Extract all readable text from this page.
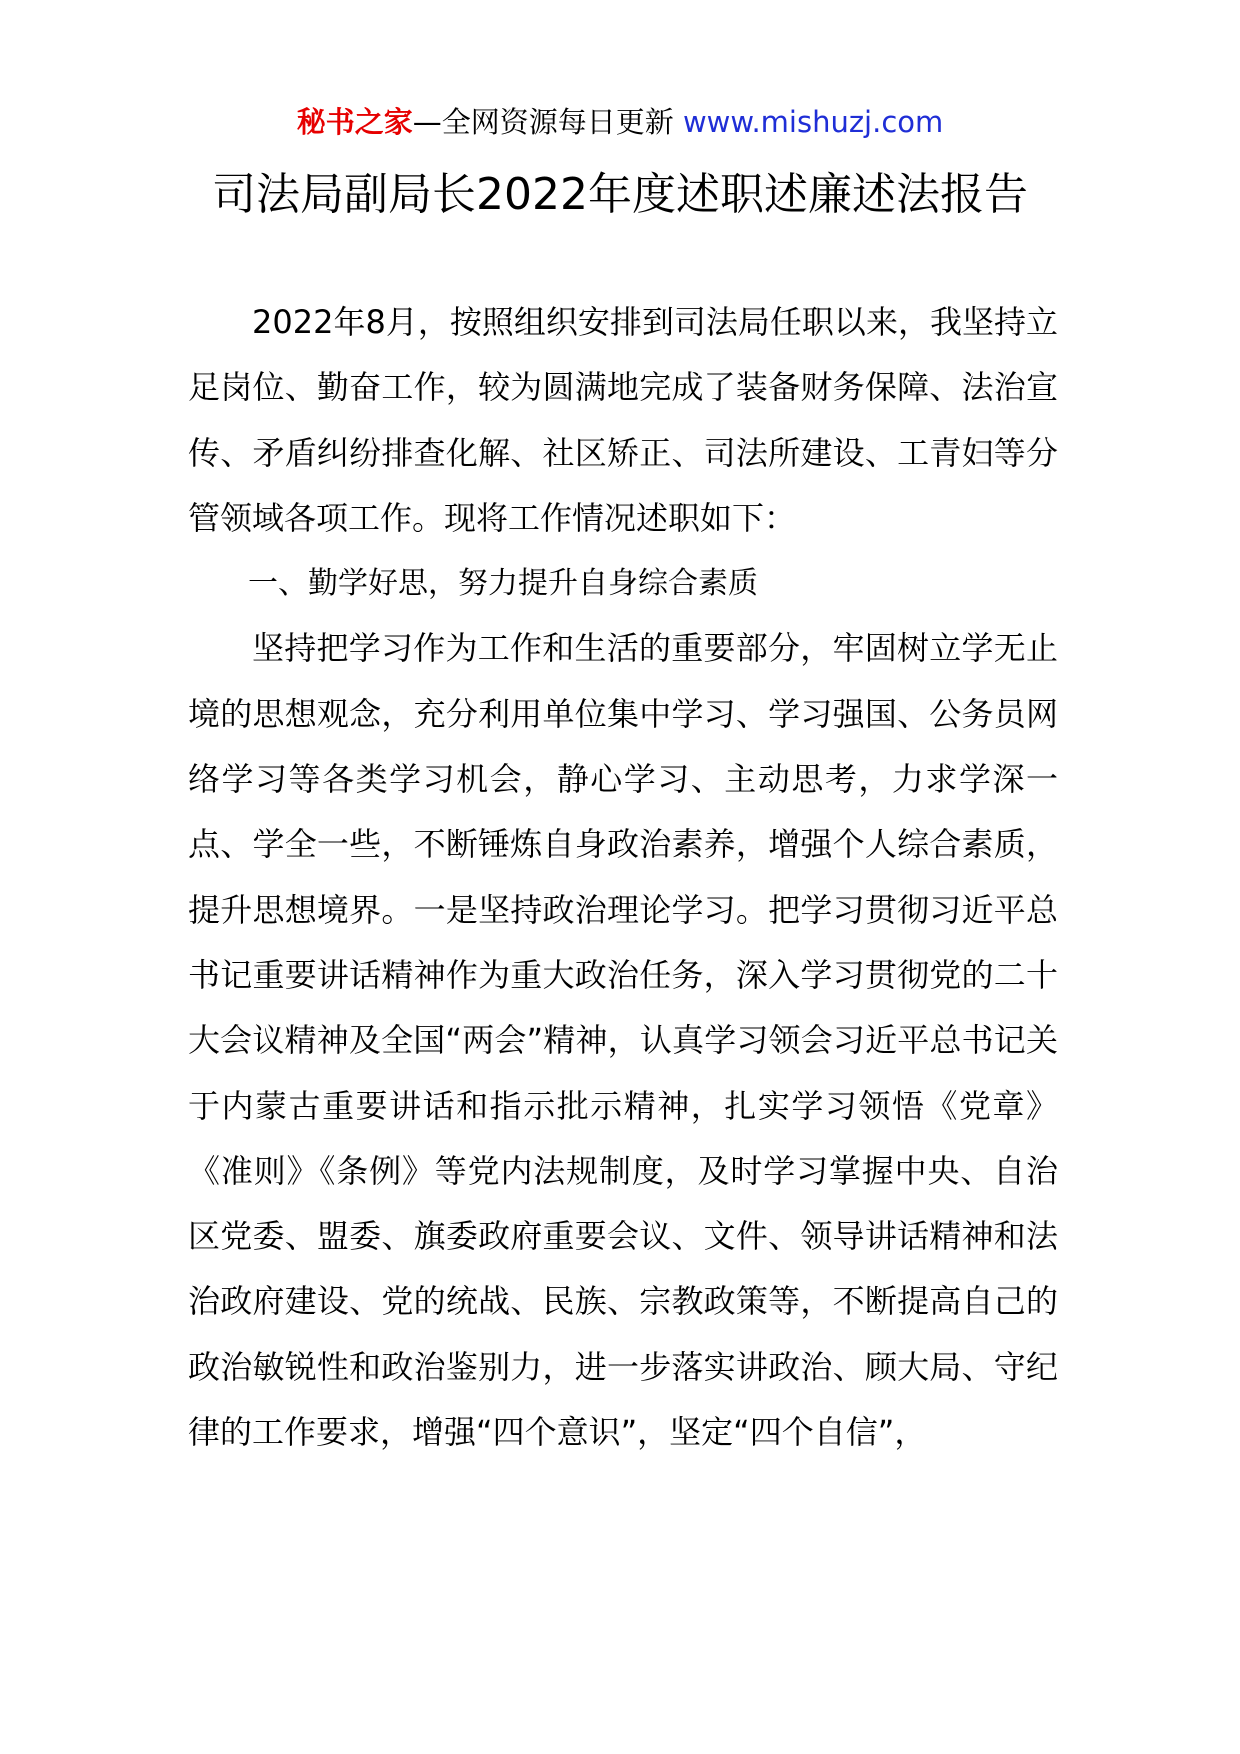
秘书之家—全网资源每日更新 www.mishuzj.com
司法局副局长2022年度述职述廉述法报告

2022年8月，按照组织安排到司法局任职以来，我坚持立足岗位、勤奋工作，较为圆满地完成了装备财务保障、法治宣传、矛盾纠纷排查化解、社区矫正、司法所建设、工青妇等分管领域各项工作。现将工作情况述职如下：

一、勤学好思，努力提升自身综合素质

坚持把学习作为工作和生活的重要部分，牢固树立学无止境的思想观念，充分利用单位集中学习、学习强国、公务员网络学习等各类学习机会，静心学习、主动思考，力求学深一点、学全一些，不断锤炼自身政治素养，增强个人综合素质，提升思想境界。一是坚持政治理论学习。把学习贯彻习近平总书记重要讲话精神作为重大政治任务，深入学习贯彻党的二十大会议精神及全国“两会”精神，认真学习领会习近平总书记关于内蒙古重要讲话和指示批示精神，扎实学习领悟《党章》《准则》《条例》等党内法规制度，及时学习掌握中央、自治区党委、盟委、旗委政府重要会议、文件、领导讲话精神和法治政府建设、党的统战、民族、宗教政策等，不断提高自己的政治敏锐性和政治鉴别力，进一步落实讲政治、顾大局、守纪律的工作要求，增强“四个意识”，坚定“四个自信”，
